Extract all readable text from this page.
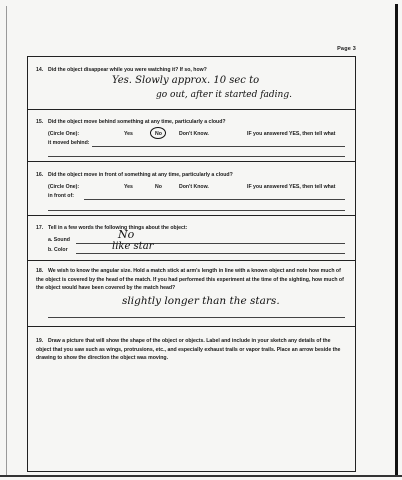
Page 3
14. Did the object disappear while you were watching it? If so, how?
Yes. Slowly approx. 10 sec to
go out, after it started fading.
15. Did the object move behind something at any time, particularly a cloud?
(Circle One):	Yes	No	Don't Know.	IF you answered YES, then tell what
it moved behind:
16. Did the object move in front of something at any time, particularly a cloud?
(Circle One):	Yes	No	Don't Know.	IF you answered YES, then tell what
in front of:
17. Tell in a few words the following things about the object:
a. Sound	No
b. Color	like star
18. We wish to know the angular size. Hold a match stick at arm's length in line with a known object and note how much of the object is covered by the head of the match. If you had performed this experiment at the time of the sighting, how much of the object would have been covered by the match head?
slightly longer than the stars.
19. Draw a picture that will show the shape of the object or objects. Label and include in your sketch any details of the object that you saw such as wings, protrusions, etc., and especially exhaust trails or vapor trails. Place an arrow beside the drawing to show the direction the object was moving.
